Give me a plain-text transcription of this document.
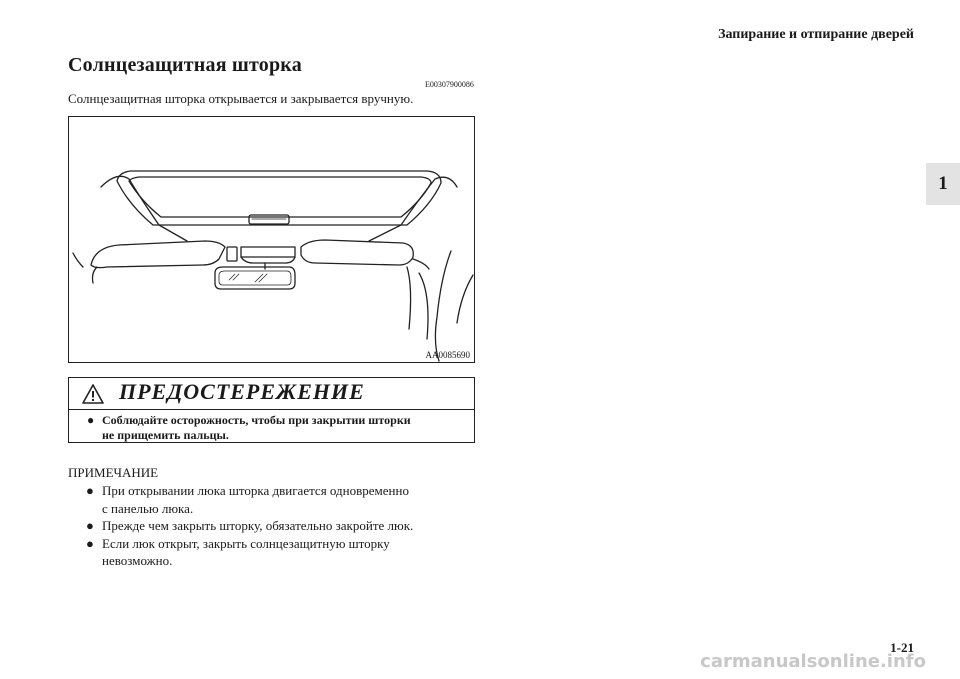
Запирание и отпирание дверей
1
Солнцезащитная шторка
E00307900086
Солнцезащитная шторка открывается и закрывается вручную.
AA0085690
ПРЕДОСТЕРЕЖЕНИЕ
● Соблюдайте осторожность, чтобы при закрытии шторки
не прищемить пальцы.
ПРИМЕЧАНИЕ
● При открывании люка шторка двигается одновременно
с панелью люка.
● Прежде чем закрыть шторку, обязательно закройте люк.
● Если люк открыт, закрыть солнцезащитную шторку
невозможно.
1-21
carmanualsonline.info
